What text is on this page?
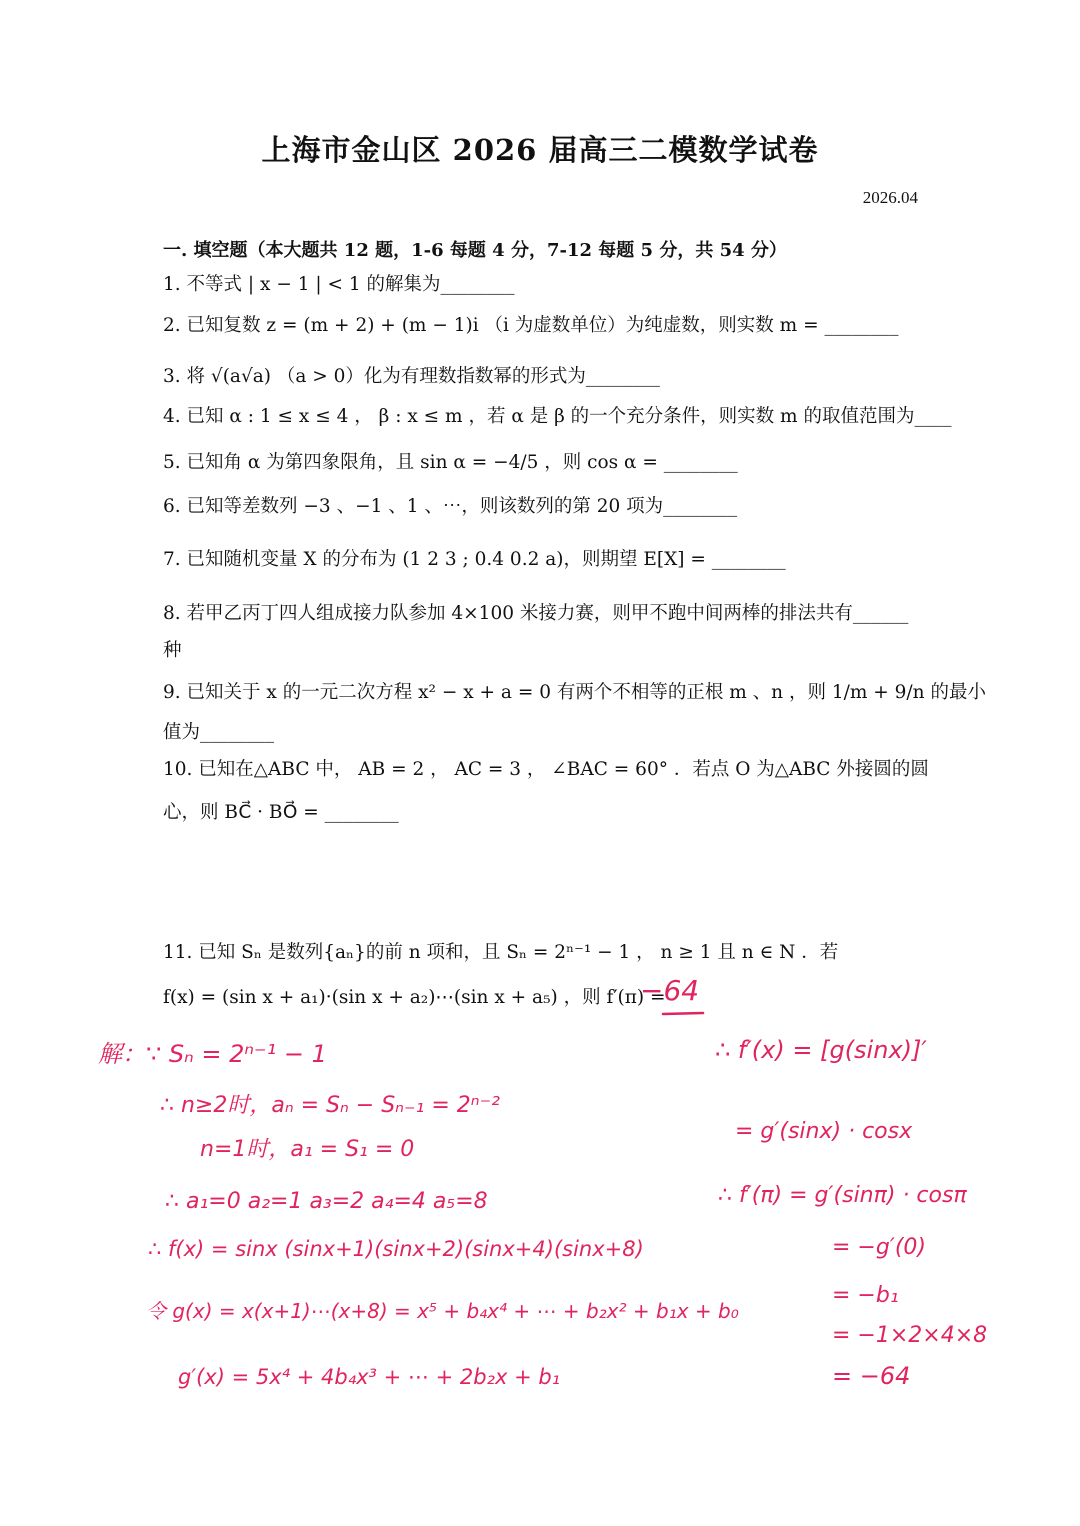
上海市金山区 2026 届高三二模数学试卷
2026.04
一. 填空题（本大题共 12 题，1-6 每题 4 分，7-12 每题 5 分，共 54 分）
1. 不等式 | x − 1 | < 1 的解集为________
2. 已知复数 z = (m + 2) + (m − 1)i （i 为虚数单位）为纯虚数，则实数 m = ________
3. 将 √(a√a) （a > 0）化为有理数指数幂的形式为________
4. 已知 α : 1 ≤ x ≤ 4 ， β : x ≤ m ，若 α 是 β 的一个充分条件，则实数 m 的取值范围为____
5. 已知角 α 为第四象限角，且 sin α = −4/5 ，则 cos α = ________
6. 已知等差数列 −3 、−1 、1 、⋯，则该数列的第 20 项为________
7. 已知随机变量 X 的分布为 (1 2 3 ; 0.4 0.2 a)，则期望 E[X] = ________
8. 若甲乙丙丁四人组成接力队参加 4×100 米接力赛，则甲不跑中间两棒的排法共有______
种
9. 已知关于 x 的一元二次方程 x² − x + a = 0 有两个不相等的正根 m 、n ，则 1/m + 9/n 的最小
值为________
10. 已知在△ABC 中， AB = 2 ， AC = 3 ， ∠BAC = 60° ．若点 O 为△ABC 外接圆的圆
心，则 BC⃗ · BO⃗ = ________
11. 已知 Sₙ 是数列{aₙ}的前 n 项和，且 Sₙ = 2ⁿ⁻¹ − 1 ， n ≥ 1 且 n ∈ N ．若
f(x) = (sin x + a₁)·(sin x + a₂)⋯(sin x + a₅) ，则 f′(π) =
−64
解：∵ Sₙ = 2ⁿ⁻¹ − 1
∴ n≥2时，aₙ = Sₙ − Sₙ₋₁ = 2ⁿ⁻²
n=1时，a₁ = S₁ = 0
∴ a₁=0 a₂=1 a₃=2 a₄=4 a₅=8
∴ f(x) = sinx (sinx+1)(sinx+2)(sinx+4)(sinx+8)
令 g(x) = x(x+1)⋯(x+8) = x⁵ + b₄x⁴ + ⋯ + b₂x² + b₁x + b₀
g′(x) = 5x⁴ + 4b₄x³ + ⋯ + 2b₂x + b₁
∴ f′(x) = [g(sinx)]′
= g′(sinx) · cosx
∴ f′(π) = g′(sinπ) · cosπ
= −g′(0)
= −b₁
= −1×2×4×8
= −64
